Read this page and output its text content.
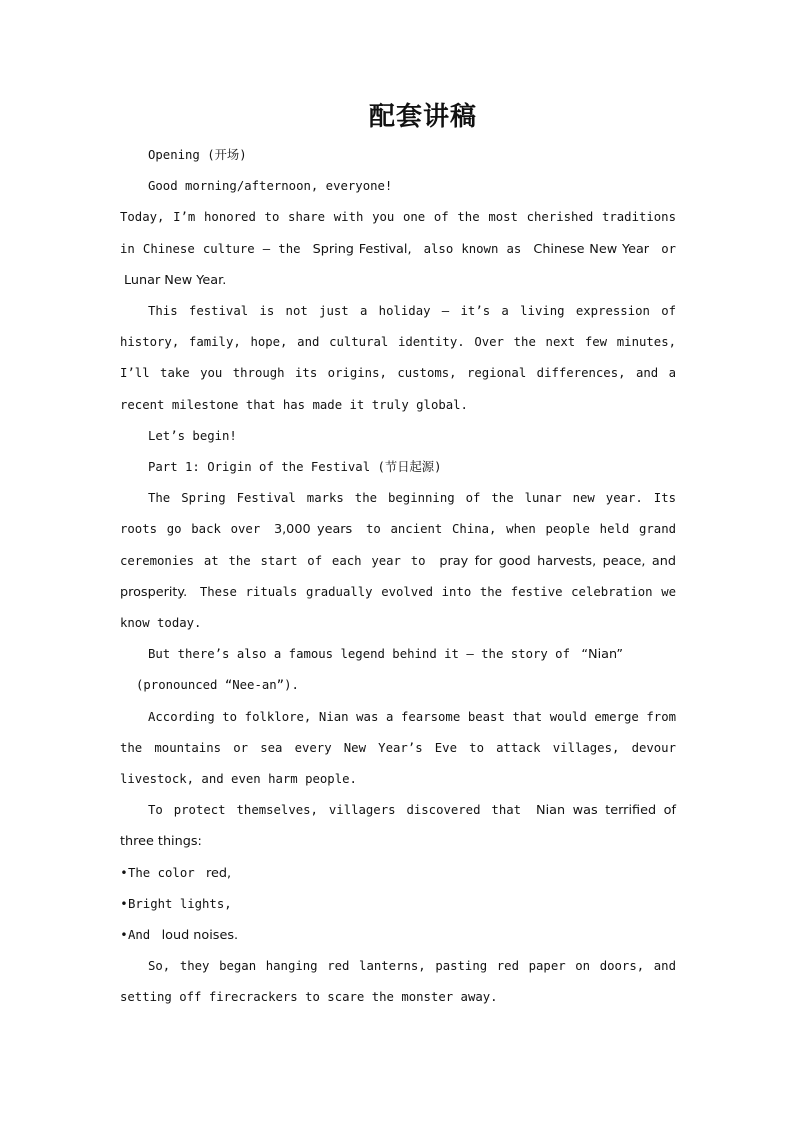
配套讲稿

Opening (开场)

Good morning/afternoon, everyone!

Today, I’m honored to share with you one of the most cherished traditions in Chinese culture — the Spring Festival, also known as Chinese New Year or Lunar New Year.

This festival is not just a holiday — it’s a living expression of history, family, hope, and cultural identity. Over the next few minutes, I’ll take you through its origins, customs, regional differences, and a recent milestone that has made it truly global.

Let’s begin!

Part 1: Origin of the Festival (节日起源)

The Spring Festival marks the beginning of the lunar new year. Its roots go back over 3,000 years to ancient China, when people held grand ceremonies at the start of each year to pray for good harvests, peace, and prosperity. These rituals gradually evolved into the festive celebration we know today.

But there’s also a famous legend behind it — the story of “Nian”

(pronounced “Nee-an”).

According to folklore, Nian was a fearsome beast that would emerge from the mountains or sea every New Year’s Eve to attack villages, devour livestock, and even harm people.

To protect themselves, villagers discovered that Nian was terrified of three things:

•The color red,

•Bright lights,

•And loud noises.

So, they began hanging red lanterns, pasting red paper on doors, and setting off firecrackers to scare the monster away.
